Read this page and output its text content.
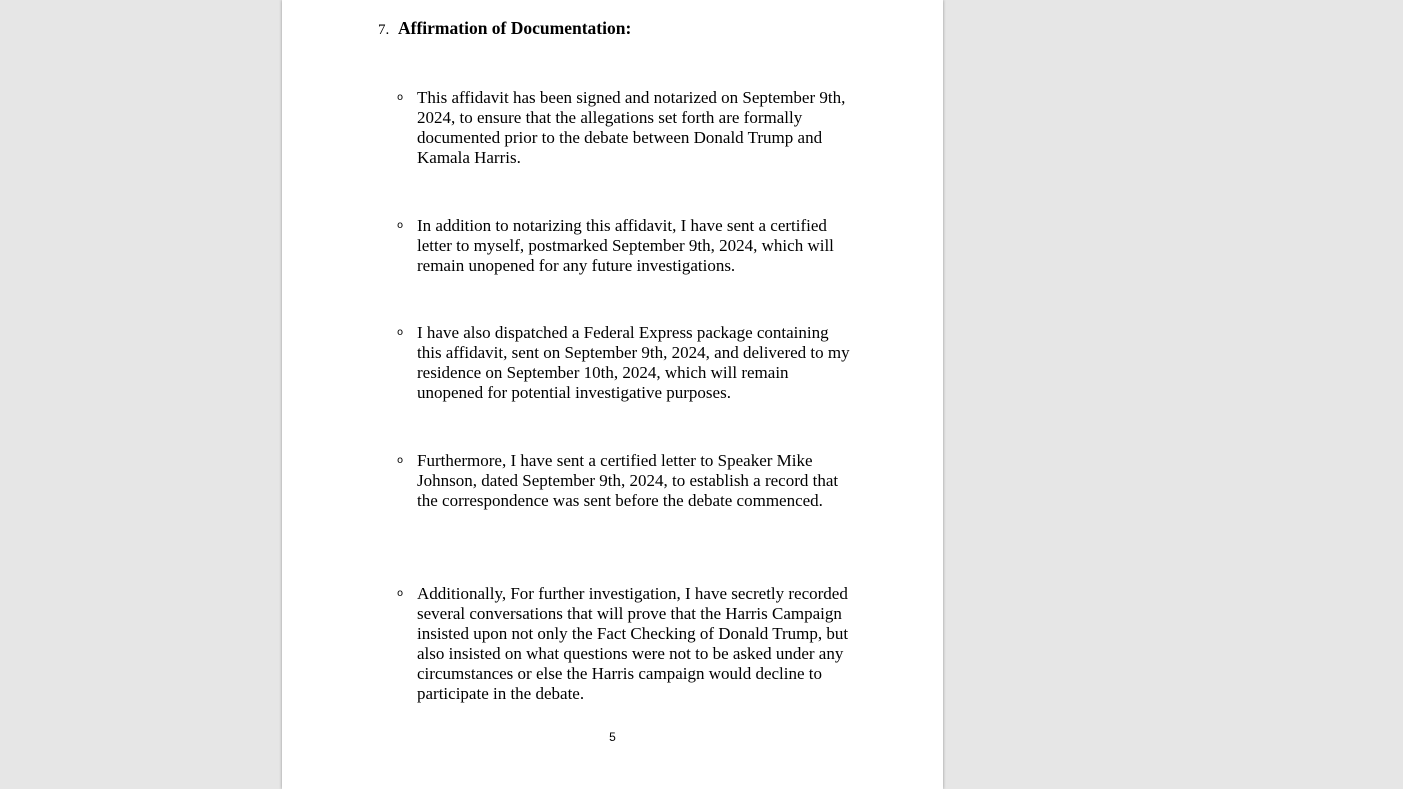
7. Affirmation of Documentation:
o This affidavit has been signed and notarized on September 9th, 2024, to ensure that the allegations set forth are formally documented prior to the debate between Donald Trump and Kamala Harris.
o In addition to notarizing this affidavit, I have sent a certified letter to myself, postmarked September 9th, 2024, which will remain unopened for any future investigations.
o I have also dispatched a Federal Express package containing this affidavit, sent on September 9th, 2024, and delivered to my residence on September 10th, 2024, which will remain unopened for potential investigative purposes.
o Furthermore, I have sent a certified letter to Speaker Mike Johnson, dated September 9th, 2024, to establish a record that the correspondence was sent before the debate commenced.
o Additionally, For further investigation, I have secretly recorded several conversations that will prove that the Harris Campaign insisted upon not only the Fact Checking of Donald Trump, but also insisted on what questions were not to be asked under any circumstances or else the Harris campaign would decline to participate in the debate.
5
